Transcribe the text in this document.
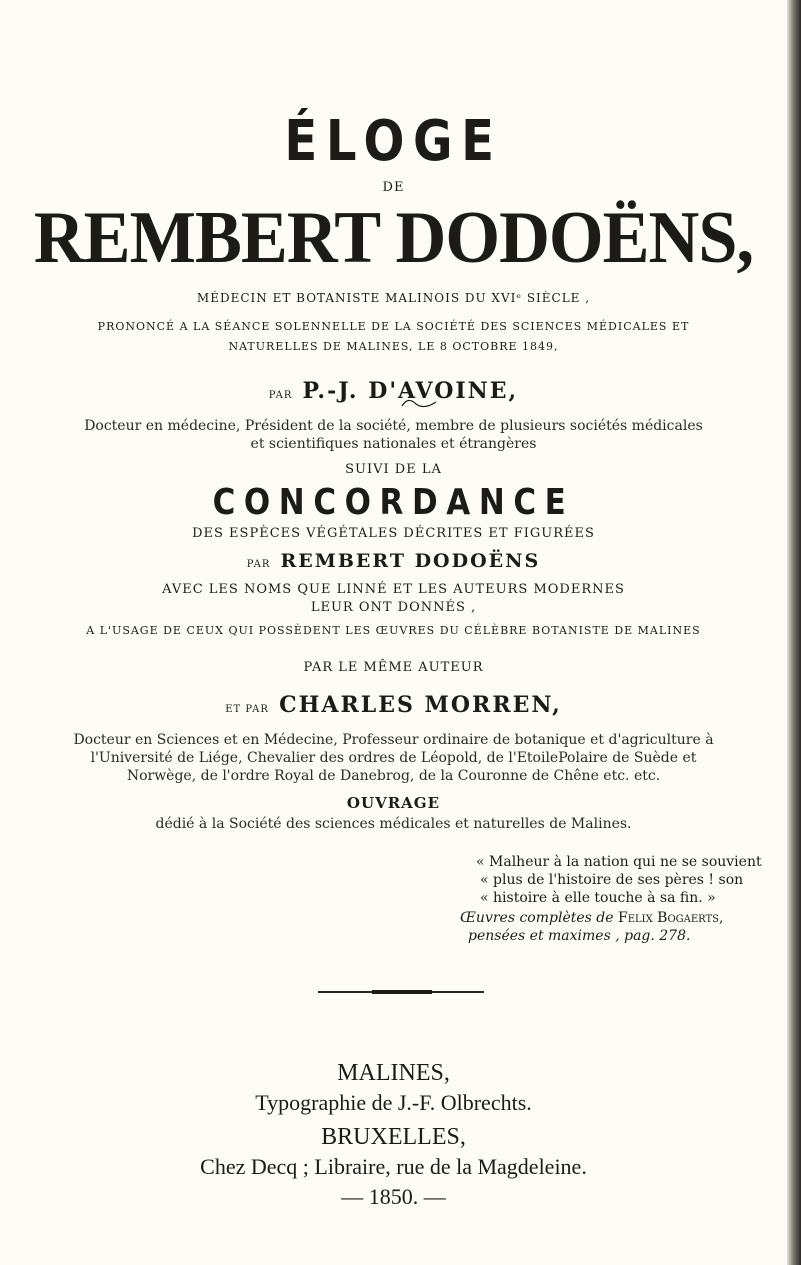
ÉLOGE
DE
REMBERT DODOËNS,
MÉDECIN ET BOTANISTE MALINOIS DU XVIᵉ SIÈCLE ,
PRONONCÉ A LA SÉANCE SOLENNELLE DE LA SOCIÉTÉ DES SCIENCES MÉDICALES ET
NATURELLES DE MALINES, LE 8 OCTOBRE 1849,
PAR P.-J. D'AVOINE,
Docteur en médecine, Président de la société, membre de plusieurs sociétés médicales
et scientifiques nationales et étrangères
SUIVI DE LA
CONCORDANCE
DES ESPÈCES VÉGÉTALES DÉCRITES ET FIGURÉES
PAR REMBERT DODOËNS
AVEC LES NOMS QUE LINNÉ ET LES AUTEURS MODERNES
LEUR ONT DONNÉS ,
A L'USAGE DE CEUX QUI POSSÈDENT LES ŒUVRES DU CÉLÈBRE BOTANISTE DE MALINES
PAR LE MÊME AUTEUR
ET PAR CHARLES MORREN,
Docteur en Sciences et en Médecine, Professeur ordinaire de botanique et d'agriculture à
l'Université de Liége, Chevalier des ordres de Léopold, de l'EtoilePolaire de Suède et
Norwège, de l'ordre Royal de Danebrog, de la Couronne de Chêne etc. etc.
OUVRAGE
dédié à la Société des sciences médicales et naturelles de Malines.
« Malheur à la nation qui ne se souvient
« plus de l'histoire de ses pères ! son
« histoire à elle touche à sa fin. »
Œuvres complètes de Felix Bogaerts,
pensées et maximes , pag. 278.
MALINES,
Typographie de J.-F. Olbrechts.
BRUXELLES,
Chez Decq ; Libraire, rue de la Magdeleine.
— 1850. —
